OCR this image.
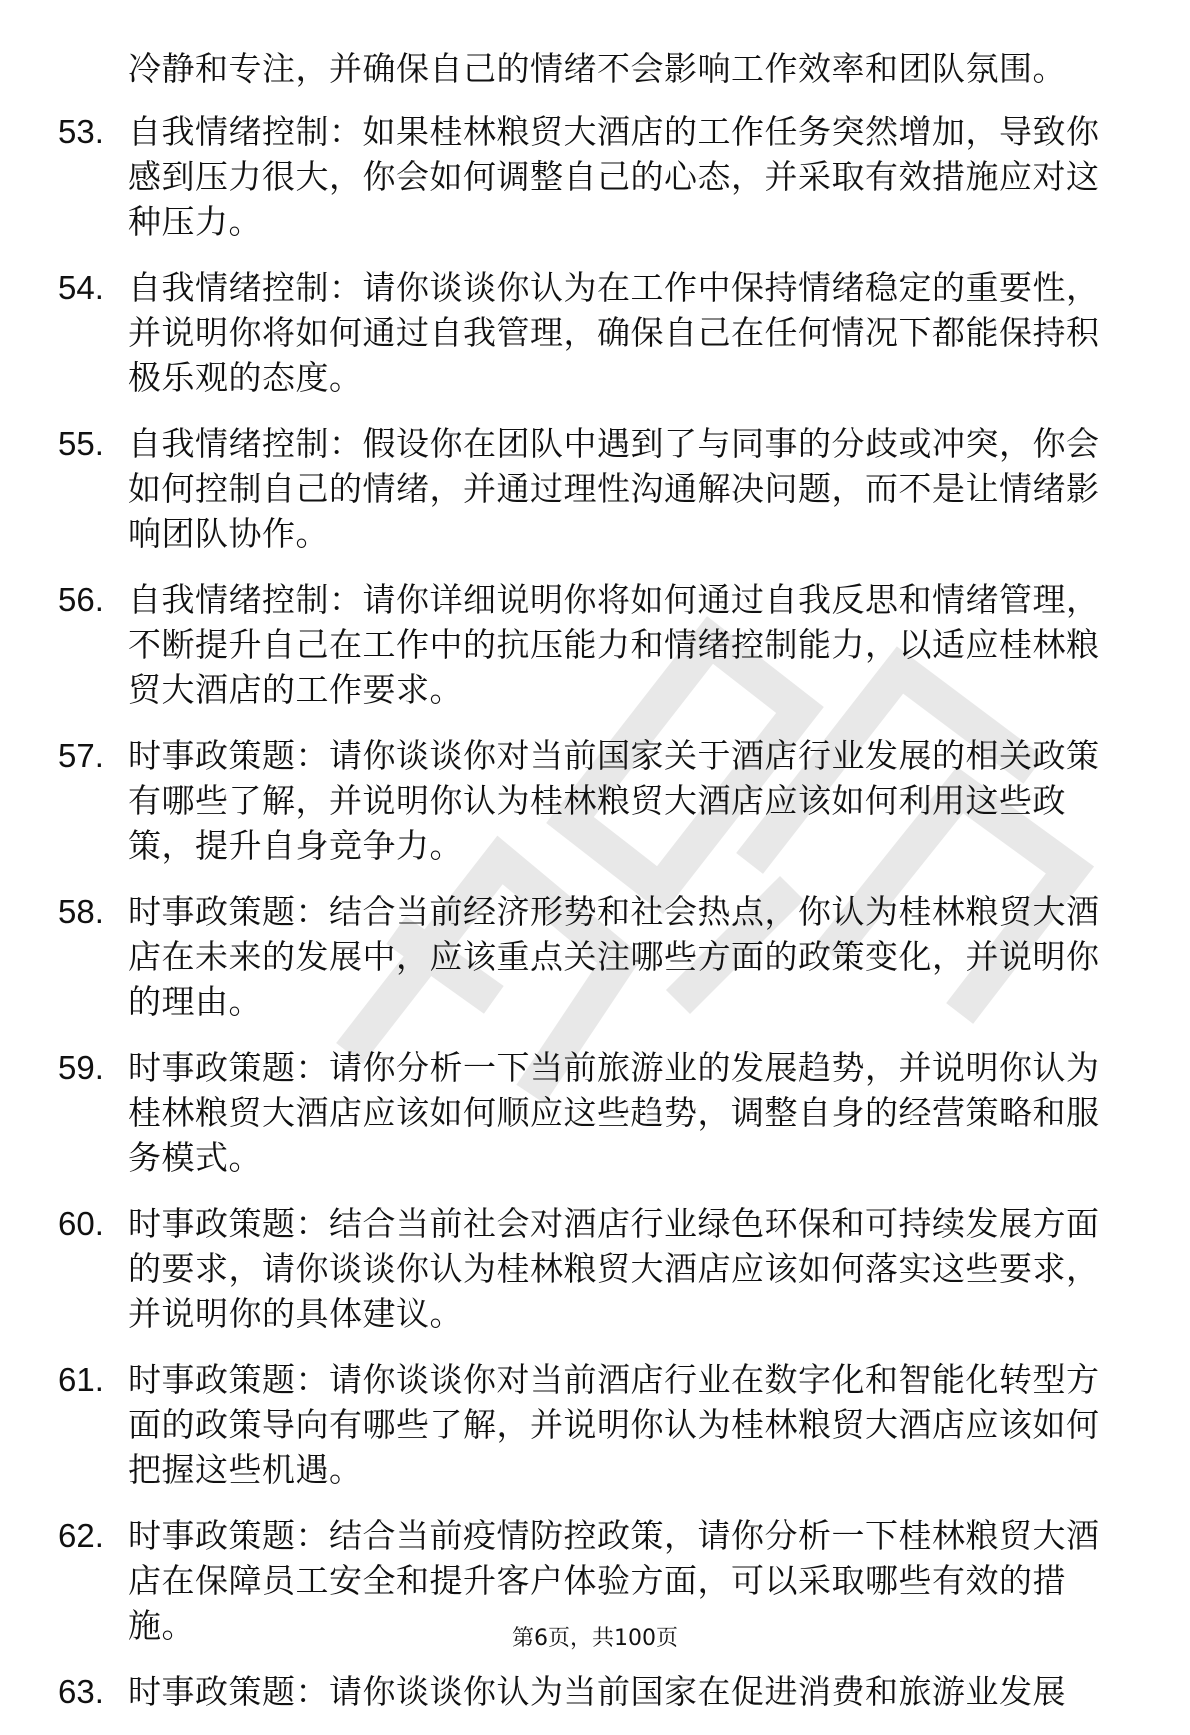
冷静和专注，并确保自己的情绪不会影响工作效率和团队氛围。

53. 自我情绪控制：如果桂林粮贸大酒店的工作任务突然增加，导致你感到压力很大，你会如何调整自己的心态，并采取有效措施应对这种压力。
54. 自我情绪控制：请你谈谈你认为在工作中保持情绪稳定的重要性，并说明你将如何通过自我管理，确保自己在任何情况下都能保持积极乐观的态度。
55. 自我情绪控制：假设你在团队中遇到了与同事的分歧或冲突，你会如何控制自己的情绪，并通过理性沟通解决问题，而不是让情绪影响团队协作。
56. 自我情绪控制：请你详细说明你将如何通过自我反思和情绪管理，不断提升自己在工作中的抗压能力和情绪控制能力，以适应桂林粮贸大酒店的工作要求。
57. 时事政策题：请你谈谈你对当前国家关于酒店行业发展的相关政策有哪些了解，并说明你认为桂林粮贸大酒店应该如何利用这些政策，提升自身竞争力。
58. 时事政策题：结合当前经济形势和社会热点，你认为桂林粮贸大酒店在未来的发展中，应该重点关注哪些方面的政策变化，并说明你的理由。
59. 时事政策题：请你分析一下当前旅游业的发展趋势，并说明你认为桂林粮贸大酒店应该如何顺应这些趋势，调整自身的经营策略和服务模式。
60. 时事政策题：结合当前社会对酒店行业绿色环保和可持续发展方面的要求，请你谈谈你认为桂林粮贸大酒店应该如何落实这些要求，并说明你的具体建议。
61. 时事政策题：请你谈谈你对当前酒店行业在数字化和智能化转型方面的政策导向有哪些了解，并说明你认为桂林粮贸大酒店应该如何把握这些机遇。
62. 时事政策题：结合当前疫情防控政策，请你分析一下桂林粮贸大酒店在保障员工安全和提升客户体验方面，可以采取哪些有效的措施。
63. 时事政策题：请你谈谈你认为当前国家在促进消费和旅游业发展
第6页，共100页
